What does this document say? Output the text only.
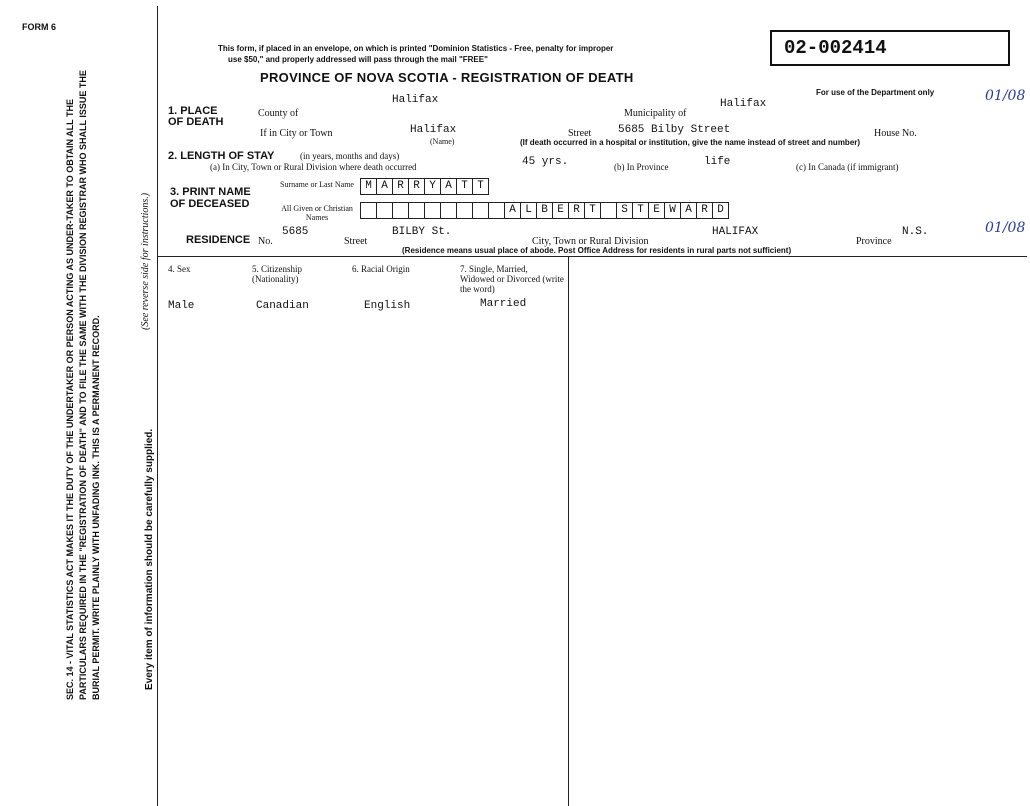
SEC. 14 - VITAL STATISTICS ACT MAKES IT THE DUTY OF THE UNDERTAKER OR PERSON ACTING AS UNDER-TAKER TO OBTAIN ALL THE PARTICULARS REQUIRED IN THE "REGISTRATION OF DEATH" AND TO FILE THE SAME WITH THE DIVISION REGISTRAR WHO SHALL ISSUE THE BURIAL PERMIT. WRITE PLAINLY WITH UNFADING INK. THIS IS A PERMANENT RECORD.
(See reverse side for instructions.)
Every item of information should be carefully supplied.
FORM 6
This form, if placed in an envelope, on which is printed "Dominion Statistics - Free, penalty for improper
use $50," and properly addressed will pass through the mail "FREE"
PROVINCE OF NOVA SCOTIA - REGISTRATION OF DEATH
02-002414
For use of the Department only	01/08
1. PLACE OF DEATH
County of
Halifax
Municipality of
Halifax
If in City or Town	Halifax
(Name)
Street 5685 Bilby Street	House No.
(If death occurred in a hospital or institution, give the name instead of street and number)
2. LENGTH OF STAY	(in years, months and days)
(a) In City, Town or Rural Division where death occurred	45 yrs.	(b) In Province	life	(c) In Canada (if immigrant)
3. PRINT NAME OF DECEASED
Surname or Last Name	M A R R Y A T T
All Given or Christian Names
A L B E R T	S T E W A R D
RESIDENCE No.
5685
Street
BILBY St.
City, Town or Rural Division
HALIFAX
Province
N.S.
(Residence means usual place of abode. Post Office Address for residents in rural parts not sufficient)
01/08
4. Sex
Male
5. Citizenship (Nationality)
Canadian
6. Racial Origin
English
7. Single, Married, Widowed or Divorced (write the word)
Married
